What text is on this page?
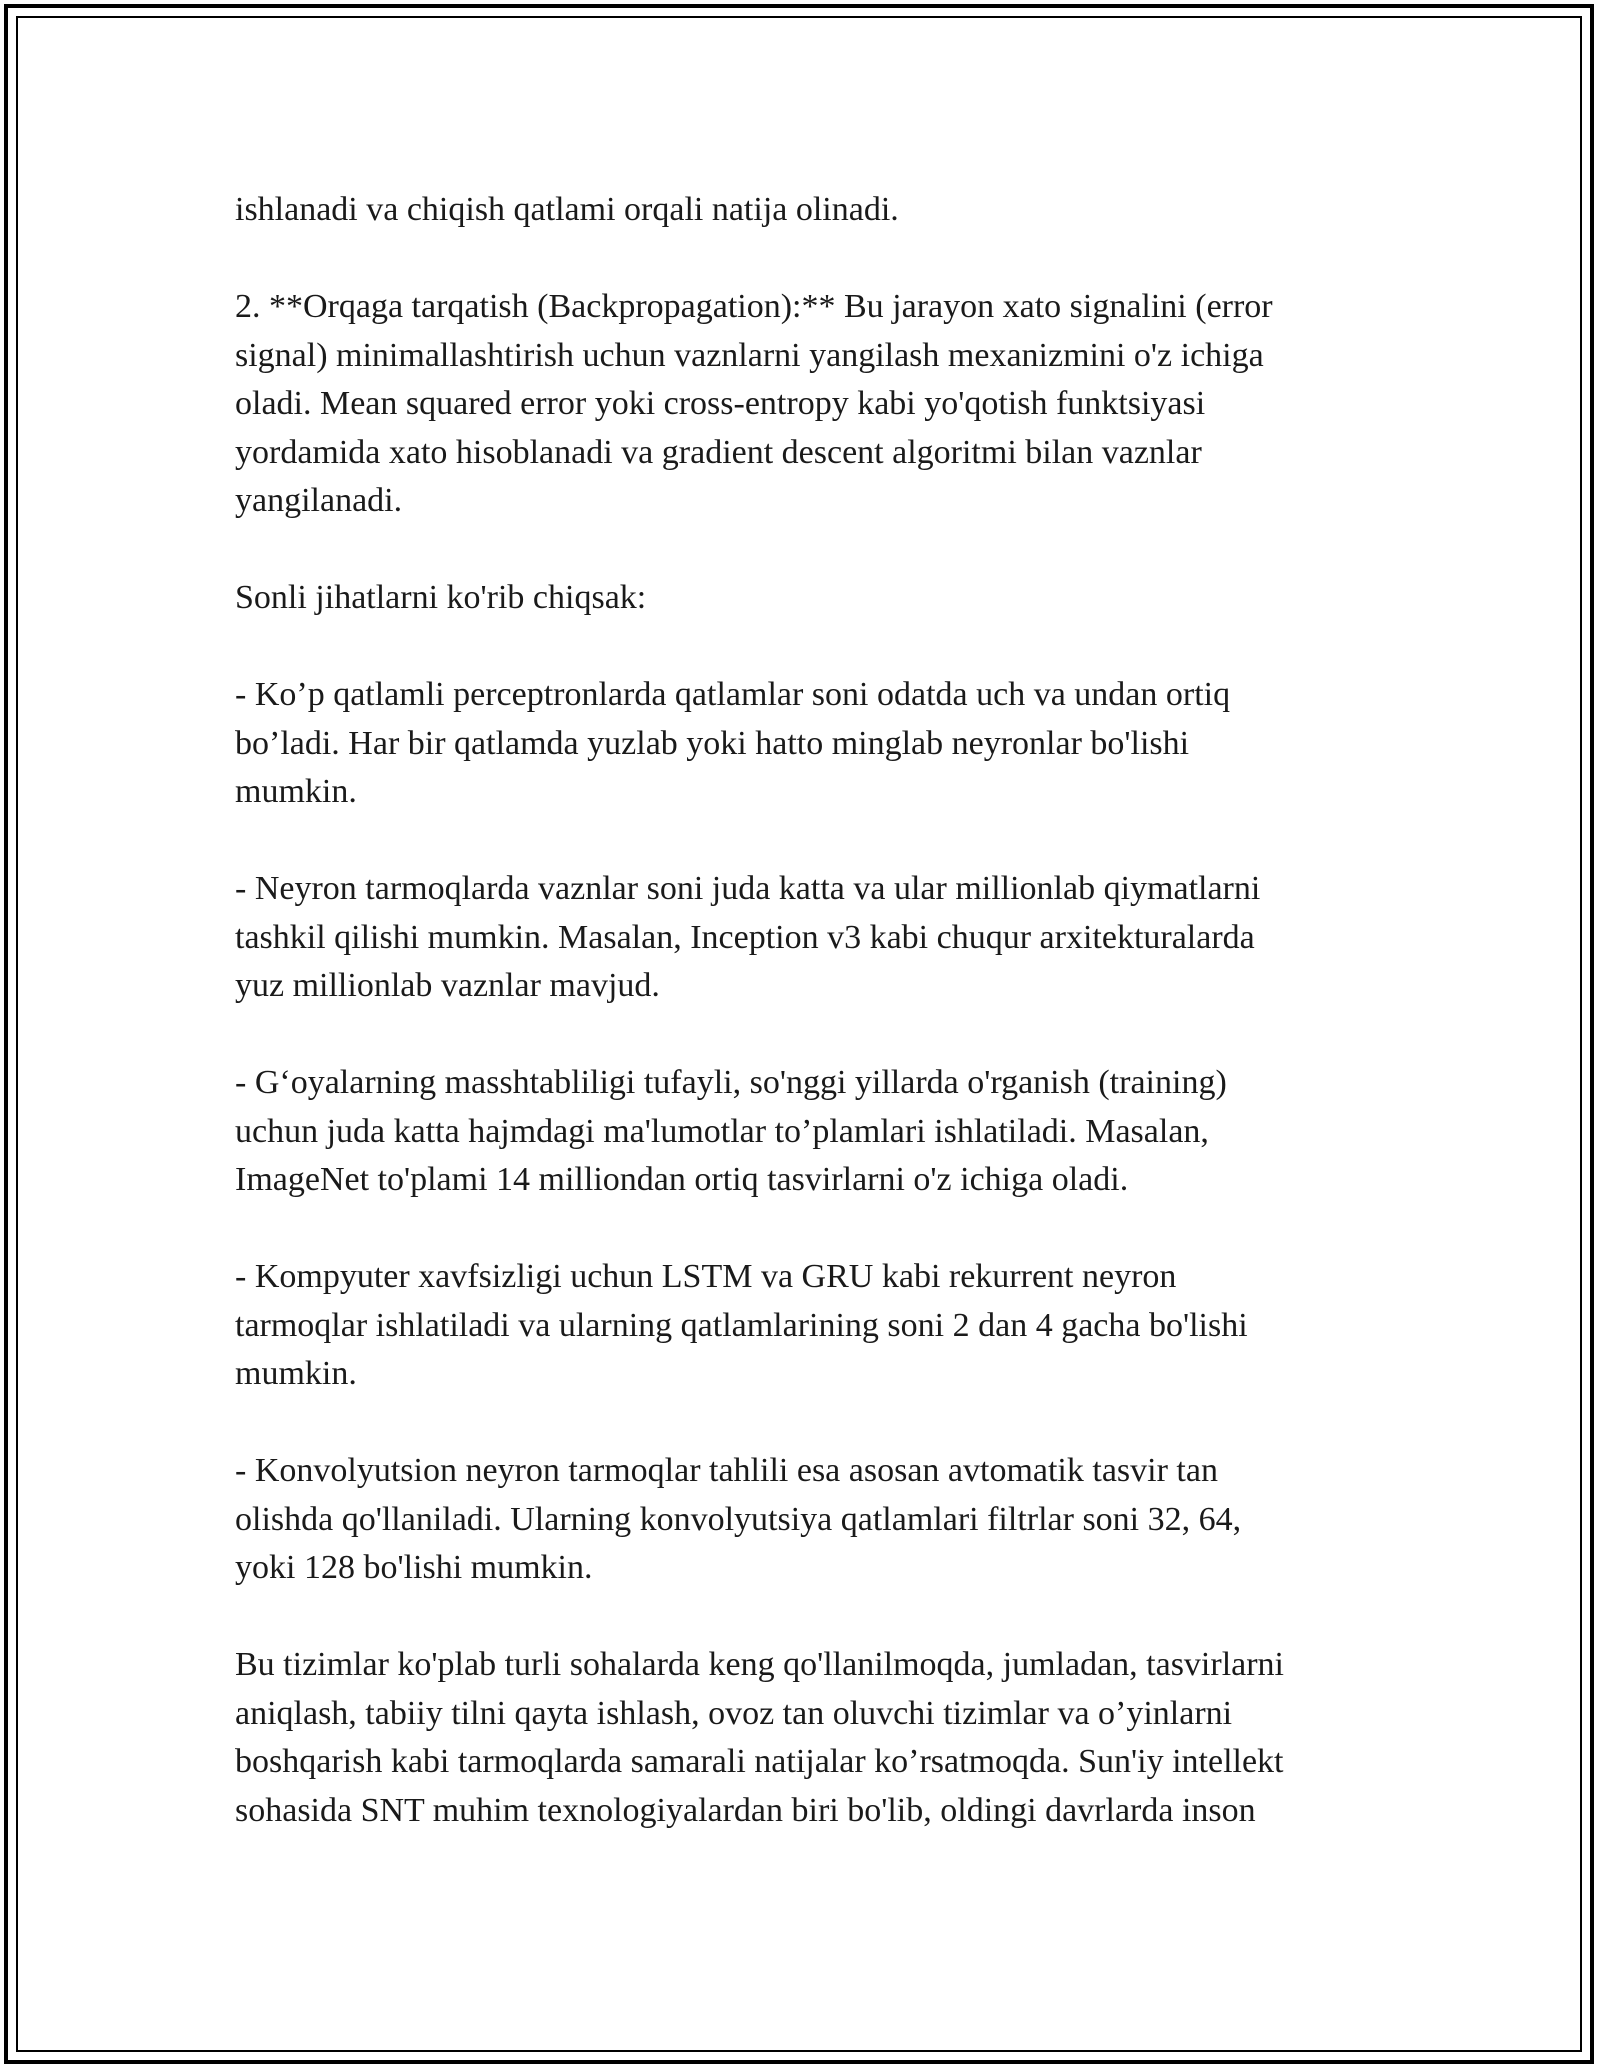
ishlanadi va chiqish qatlami orqali natija olinadi.

2. **Orqaga tarqatish (Backpropagation):** Bu jarayon xato signalini (error
signal) minimallashtirish uchun vaznlarni yangilash mexanizmini o'z ichiga
oladi. Mean squared error yoki cross-entropy kabi yo'qotish funktsiyasi
yordamida xato hisoblanadi va gradient descent algoritmi bilan vaznlar
yangilanadi.

Sonli jihatlarni ko'rib chiqsak:

- Ko’p qatlamli perceptronlarda qatlamlar soni odatda uch va undan ortiq
bo’ladi. Har bir qatlamda yuzlab yoki hatto minglab neyronlar bo'lishi
mumkin.

- Neyron tarmoqlarda vaznlar soni juda katta va ular millionlab qiymatlarni
tashkil qilishi mumkin. Masalan, Inception v3 kabi chuqur arxitekturalarda
yuz millionlab vaznlar mavjud.

- G‘oyalarning masshtabliligi tufayli, so'nggi yillarda o'rganish (training)
uchun juda katta hajmdagi ma'lumotlar to’plamlari ishlatiladi. Masalan,
ImageNet to'plami 14 milliondan ortiq tasvirlarni o'z ichiga oladi.

- Kompyuter xavfsizligi uchun LSTM va GRU kabi rekurrent neyron
tarmoqlar ishlatiladi va ularning qatlamlarining soni 2 dan 4 gacha bo'lishi
mumkin.

- Konvolyutsion neyron tarmoqlar tahlili esa asosan avtomatik tasvir tan
olishda qo'llaniladi. Ularning konvolyutsiya qatlamlari filtrlar soni 32, 64,
yoki 128 bo'lishi mumkin.

Bu tizimlar ko'plab turli sohalarda keng qo'llanilmoqda, jumladan, tasvirlarni
aniqlash, tabiiy tilni qayta ishlash, ovoz tan oluvchi tizimlar va o’yinlarni
boshqarish kabi tarmoqlarda samarali natijalar ko’rsatmoqda. Sun'iy intellekt
sohasida SNT muhim texnologiyalardan biri bo'lib, oldingi davrlarda inson
